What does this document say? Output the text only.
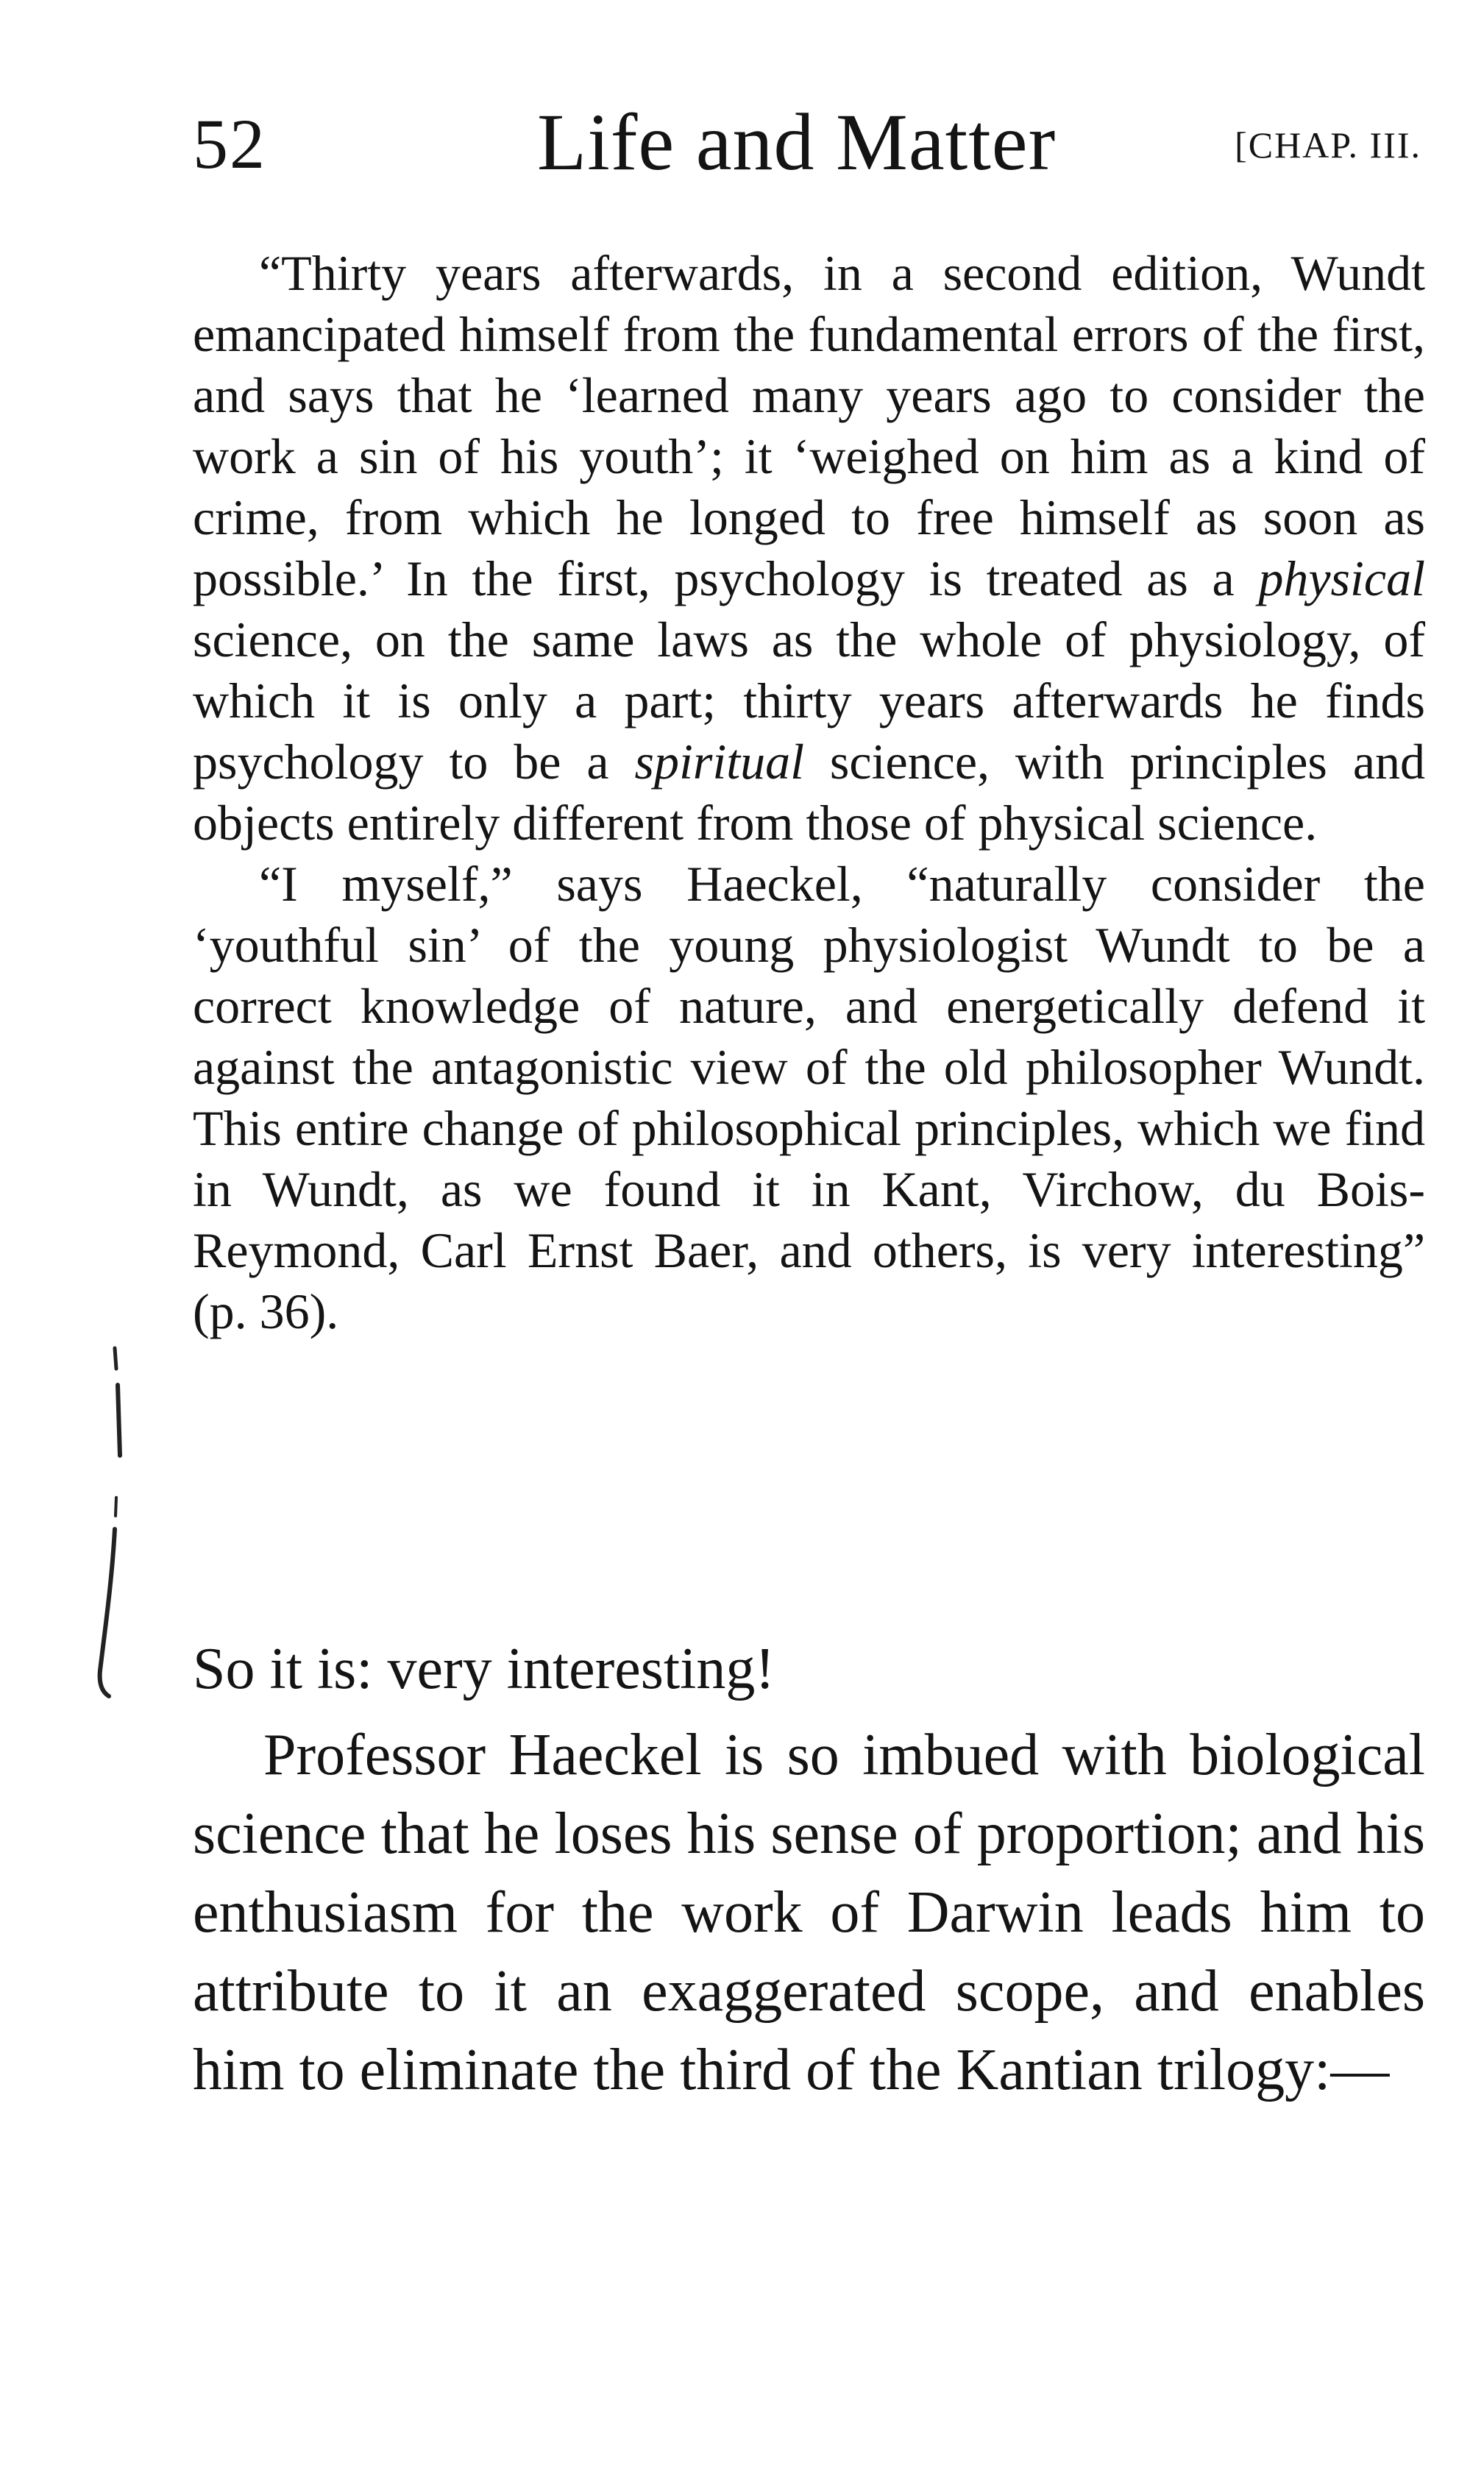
52	Life and Matter	[CHAP. III.

“Thirty years afterwards, in a second edition, Wundt emancipated himself from the fundamental errors of the first, and says that he ‘learned many years ago to consider the work a sin of his youth’; it ‘weighed on him as a kind of crime, from which he longed to free himself as soon as possible.’ In the first, psychology is treated as a physical science, on the same laws as the whole of physiology, of which it is only a part; thirty years afterwards he finds psychology to be a spiritual science, with principles and objects entirely different from those of physical science.

“I myself,” says Haeckel, “naturally consider the ‘youthful sin’ of the young physiologist Wundt to be a correct knowledge of nature, and energetically defend it against the antagonistic view of the old philosopher Wundt. This entire change of philosophical principles, which we find in Wundt, as we found it in Kant, Virchow, du Bois-Reymond, Carl Ernst Baer, and others, is very interesting” (p. 36).

So it is: very interesting!

Professor Haeckel is so imbued with biological science that he loses his sense of proportion; and his enthusiasm for the work of Darwin leads him to attribute to it an exaggerated scope, and enables him to eliminate the third of the Kantian trilogy:—
